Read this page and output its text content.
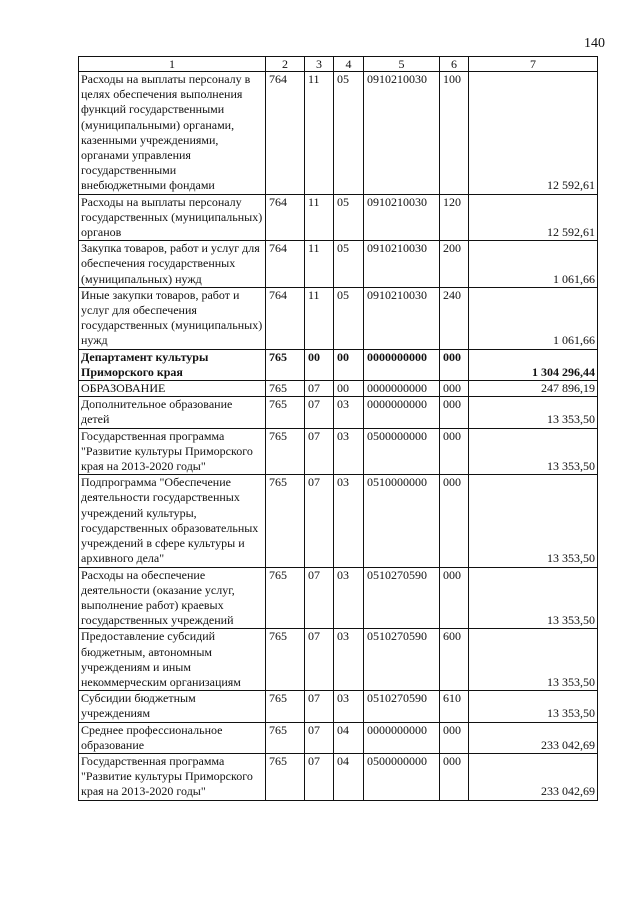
140
1	2	3	4	5	6	7
Расходы на выплаты персоналу в целях обеспечения выполнения функций государственными (муниципальными) органами, казенными учреждениями, органами управления государственными внебюджетными фондами	764	11	05	0910210030	100	12 592,61
Расходы на выплаты персоналу государственных (муниципальных) органов	764	11	05	0910210030	120	12 592,61
Закупка товаров, работ и услуг для обеспечения государственных (муниципальных) нужд	764	11	05	0910210030	200	1 061,66
Иные закупки товаров, работ и услуг для обеспечения государственных (муниципальных) нужд	764	11	05	0910210030	240	1 061,66
Департамент культуры Приморского края	765	00	00	0000000000	000	1 304 296,44
ОБРАЗОВАНИЕ	765	07	00	0000000000	000	247 896,19
Дополнительное образование детей	765	07	03	0000000000	000	13 353,50
Государственная программа "Развитие культуры Приморского края на 2013-2020 годы"	765	07	03	0500000000	000	13 353,50
Подпрограмма "Обеспечение деятельности государственных учреждений культуры, государственных образовательных учреждений в сфере культуры и архивного дела"	765	07	03	0510000000	000	13 353,50
Расходы на обеспечение деятельности (оказание услуг, выполнение работ) краевых государственных учреждений	765	07	03	0510270590	000	13 353,50
Предоставление субсидий бюджетным, автономным учреждениям и иным некоммерческим организациям	765	07	03	0510270590	600	13 353,50
Субсидии бюджетным учреждениям	765	07	03	0510270590	610	13 353,50
Среднее профессиональное образование	765	07	04	0000000000	000	233 042,69
Государственная программа "Развитие культуры Приморского края на 2013-2020 годы"	765	07	04	0500000000	000	233 042,69
